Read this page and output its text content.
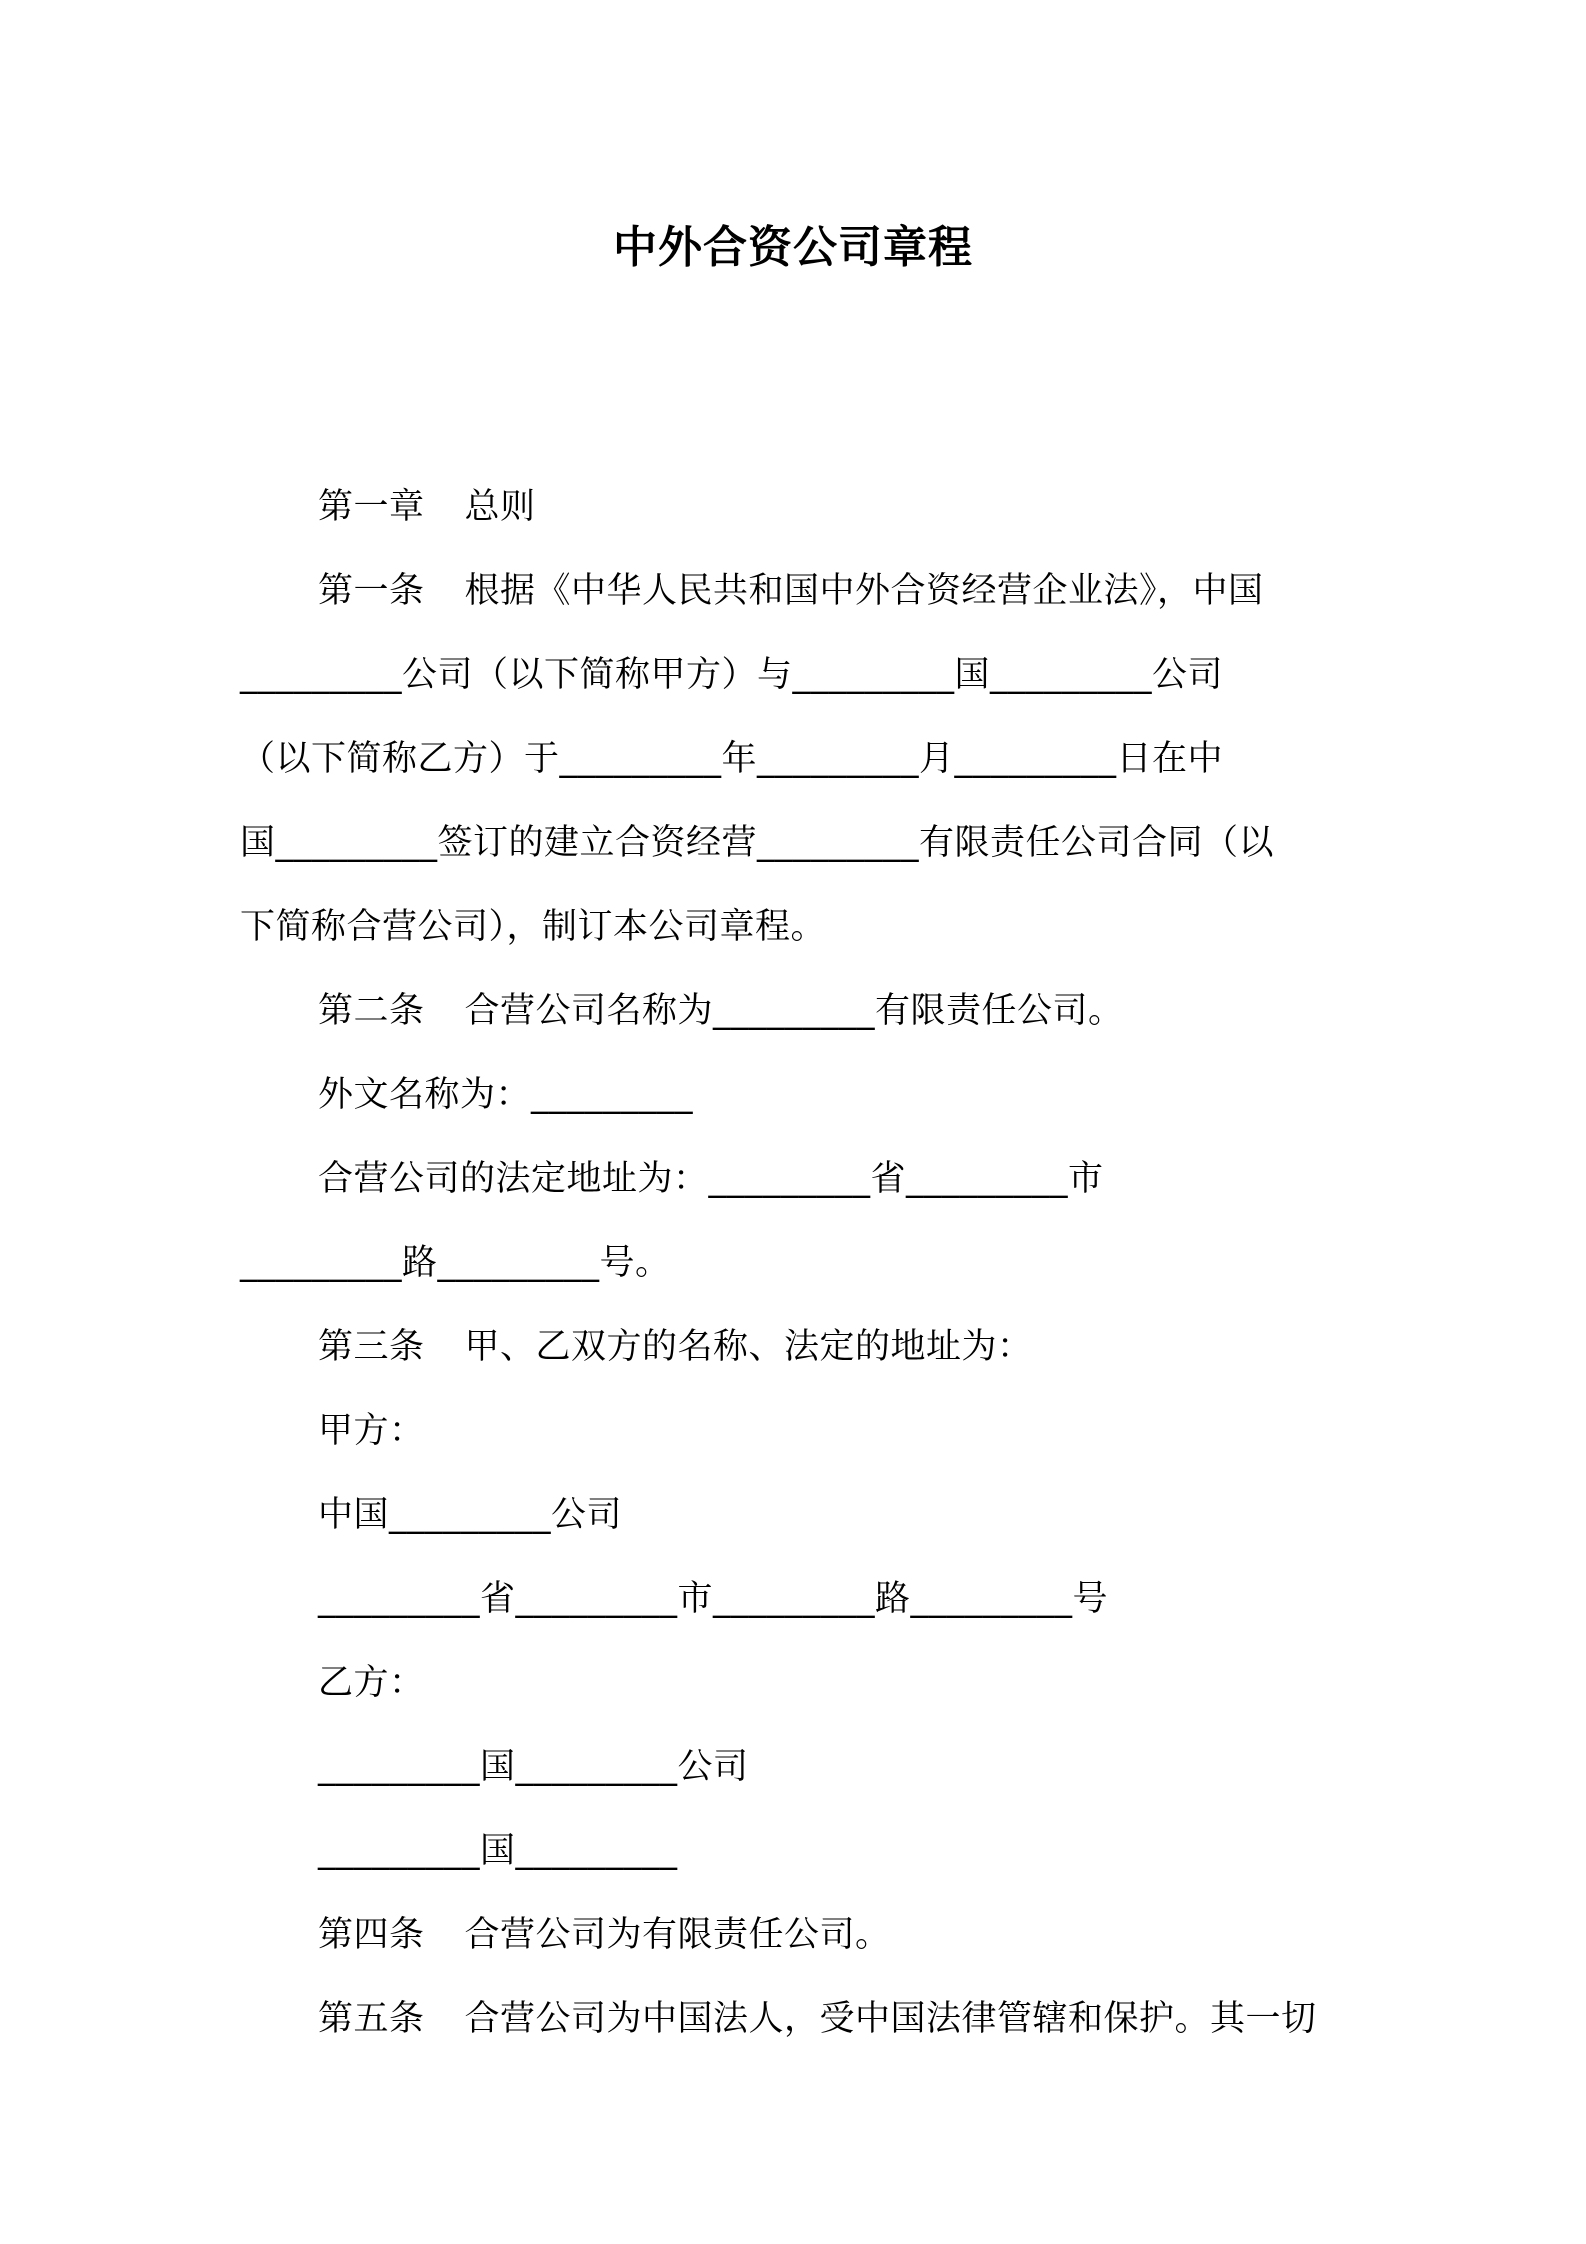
中外合资公司章程
第一章 总则
第一条 根据《中华人民共和国中外合资经营企业法》，中国
_________公司（以下简称甲方）与_________国_________公司
（以下简称乙方）于_________年_________月_________日在中
国_________签订的建立合资经营_________有限责任公司合同（以
下简称合营公司），制订本公司章程。
第二条 合营公司名称为_________有限责任公司。
外文名称为：_________
合营公司的法定地址为：_________省_________市
_________路_________号。
第三条 甲、乙双方的名称、法定的地址为：
甲方：
中国_________公司
_________省_________市_________路_________号
乙方：
_________国_________公司
_________国_________
第四条 合营公司为有限责任公司。
第五条 合营公司为中国法人，受中国法律管辖和保护。其一切
